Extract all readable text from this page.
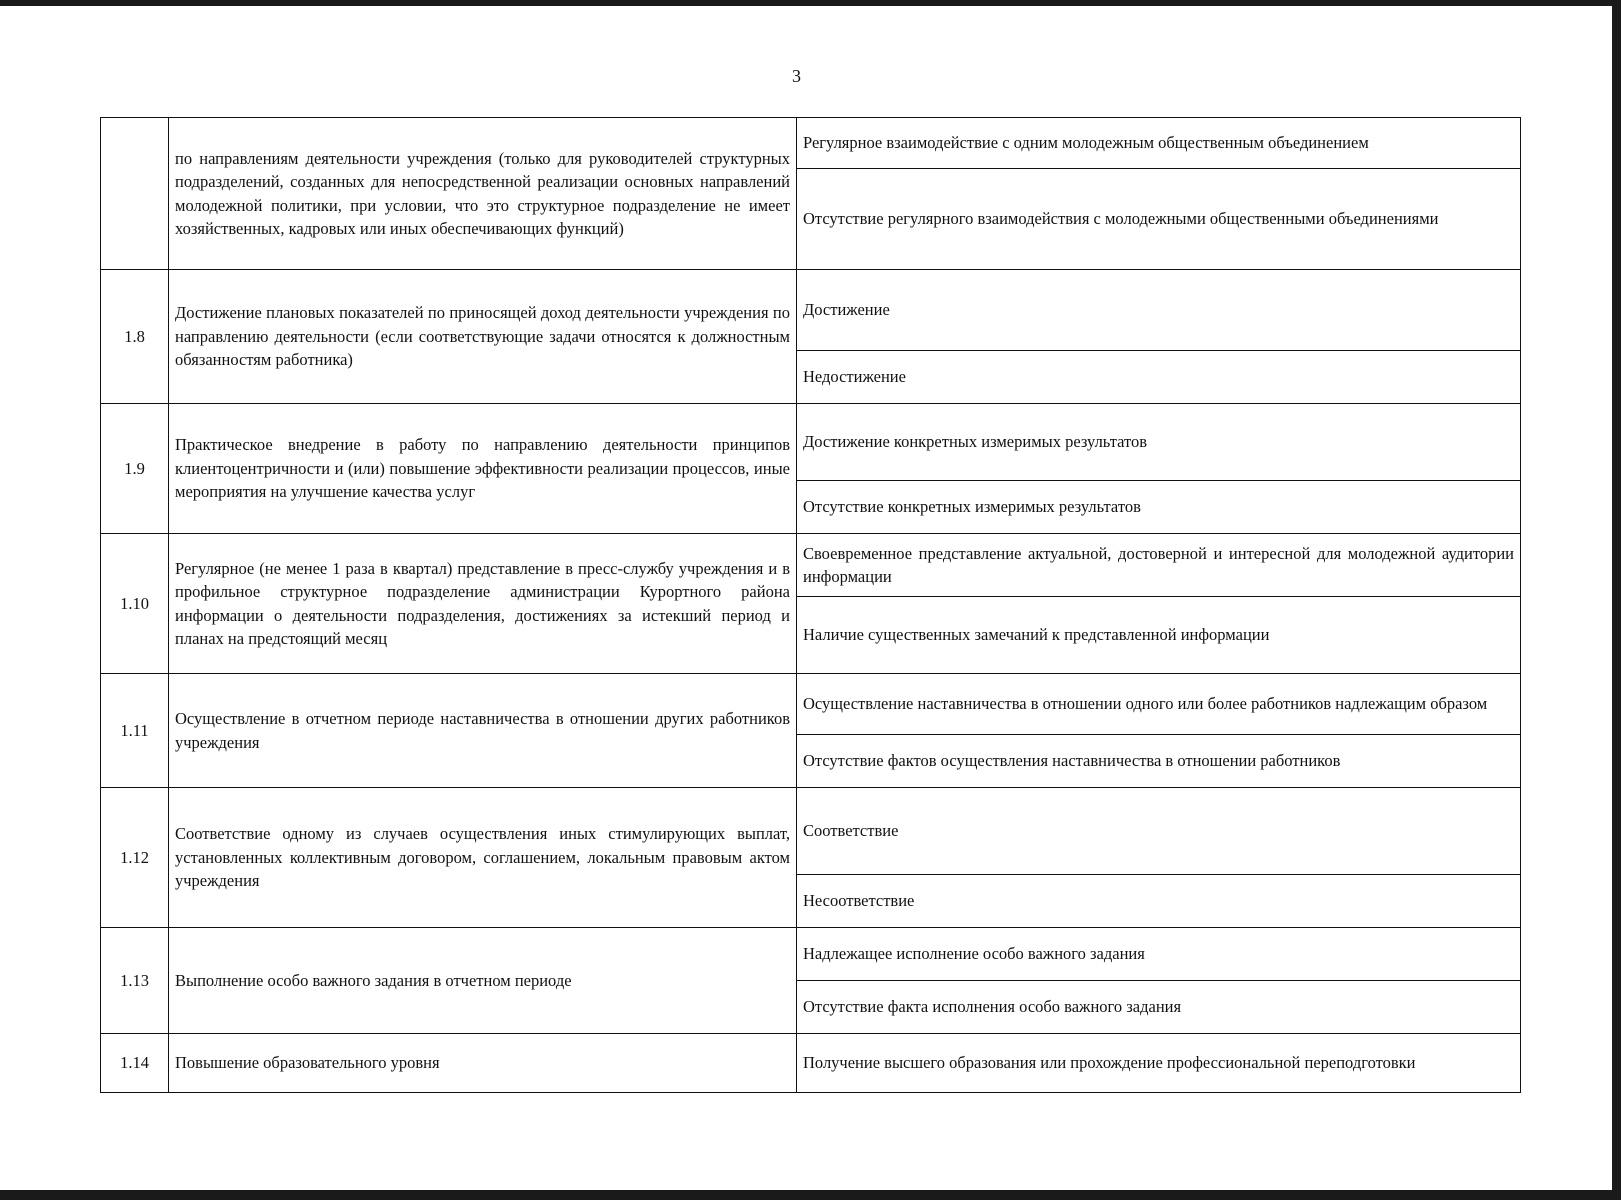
3
	по направлениям деятельности учреждения (только для руководителей структурных подразделений, созданных для непосредственной реализации основных направлений молодежной политики, при условии, что это структурное подразделение не имеет хозяйственных, кадровых или иных обеспечивающих функций)	Регулярное взаимодействие с одним молодежным общественным объединением
		Отсутствие регулярного взаимодействия с молодежными общественными объединениями
1.8	Достижение плановых показателей по приносящей доход деятельности учреждения по направлению деятельности (если соответствующие задачи относятся к должностным обязанностям работника)	Достижение
		Недостижение
1.9	Практическое внедрение в работу по направлению деятельности принципов клиентоцентричности и (или) повышение эффективности реализации процессов, иные мероприятия на улучшение качества услуг	Достижение конкретных измеримых результатов
		Отсутствие конкретных измеримых результатов
1.10	Регулярное (не менее 1 раза в квартал) представление в пресс-службу учреждения и в профильное структурное подразделение администрации Курортного района информации о деятельности подразделения, достижениях за истекший период и планах на предстоящий месяц	Своевременное представление актуальной, достоверной и интересной для молодежной аудитории информации
		Наличие существенных замечаний к представленной информации
1.11	Осуществление в отчетном периоде наставничества в отношении других работников учреждения	Осуществление наставничества в отношении одного или более работников надлежащим образом
		Отсутствие фактов осуществления наставничества в отношении работников
1.12	Соответствие одному из случаев осуществления иных стимулирующих выплат, установленных коллективным договором, соглашением, локальным правовым актом учреждения	Соответствие
		Несоответствие
1.13	Выполнение особо важного задания в отчетном периоде	Надлежащее исполнение особо важного задания
		Отсутствие факта исполнения особо важного задания
1.14	Повышение образовательного уровня	Получение высшего образования или прохождение профессиональной переподготовки
